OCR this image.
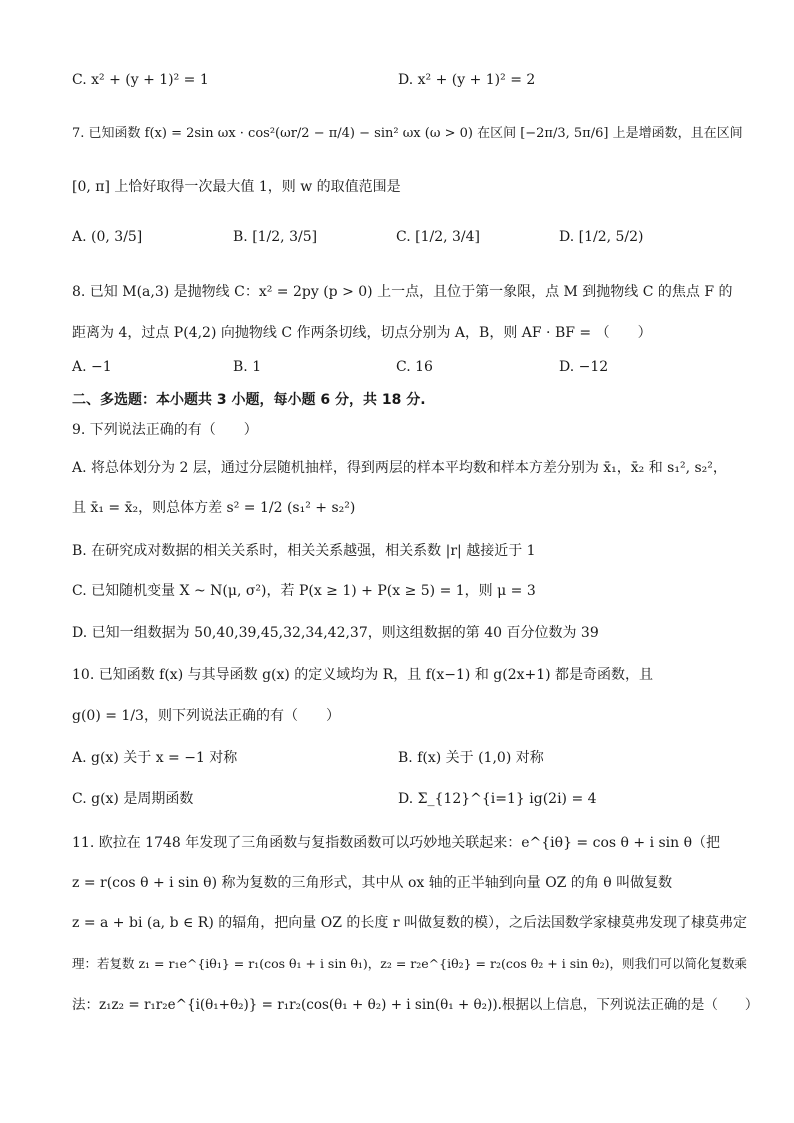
C. x² + (y + 1)² = 1	D. x² + (y + 1)² = 2
7. 已知函数 f(x) = 2sin ωx · cos²(ωr/2 − π/4) − sin² ωx (ω > 0) 在区间 [−2π/3, 5π/6] 上是增函数，且在区间
[0, π] 上恰好取得一次最大值 1，则 w 的取值范围是
A. (0, 3/5]	B. [1/2, 3/5]	C. [1/2, 3/4]	D. [1/2, 5/2)
8. 已知 M(a,3) 是抛物线 C：x² = 2py (p > 0) 上一点，且位于第一象限，点 M 到抛物线 C 的焦点 F 的
距离为 4，过点 P(4,2) 向抛物线 C 作两条切线，切点分别为 A，B，则 AF · BF = （　　）
A. −1	B. 1	C. 16	D. −12
二、多选题：本小题共 3 小题，每小题 6 分，共 18 分.
9. 下列说法正确的有（　　）
A. 将总体划分为 2 层，通过分层随机抽样，得到两层的样本平均数和样本方差分别为 x̄₁，x̄₂ 和 s₁², s₂²，
且 x̄₁ = x̄₂，则总体方差 s² = 1/2 (s₁² + s₂²)
B. 在研究成对数据的相关关系时，相关关系越强，相关系数 |r| 越接近于 1
C. 已知随机变量 X ~ N(μ, σ²)，若 P(x ≥ 1) + P(x ≥ 5) = 1，则 μ = 3
D. 已知一组数据为 50,40,39,45,32,34,42,37，则这组数据的第 40 百分位数为 39
10. 已知函数 f(x) 与其导函数 g(x) 的定义域均为 R，且 f(x−1) 和 g(2x+1) 都是奇函数，且
g(0) = 1/3，则下列说法正确的有（　　）
A. g(x) 关于 x = −1 对称	B. f(x) 关于 (1,0) 对称
C. g(x) 是周期函数	D. Σ_{12}^{i=1} ig(2i) = 4
11. 欧拉在 1748 年发现了三角函数与复指数函数可以巧妙地关联起来：e^{iθ} = cos θ + i sin θ（把
z = r(cos θ + i sin θ) 称为复数的三角形式，其中从 ox 轴的正半轴到向量 OZ 的角 θ 叫做复数
z = a + bi (a, b ∈ R) 的辐角，把向量 OZ 的长度 r 叫做复数的模），之后法国数学家棣莫弗发现了棣莫弗定
理：若复数 z₁ = r₁e^{iθ₁} = r₁(cos θ₁ + i sin θ₁)，z₂ = r₂e^{iθ₂} = r₂(cos θ₂ + i sin θ₂)，则我们可以简化复数乘
法：z₁z₂ = r₁r₂e^{i(θ₁+θ₂)} = r₁r₂(cos(θ₁ + θ₂) + i sin(θ₁ + θ₂)).根据以上信息，下列说法正确的是（　　）
